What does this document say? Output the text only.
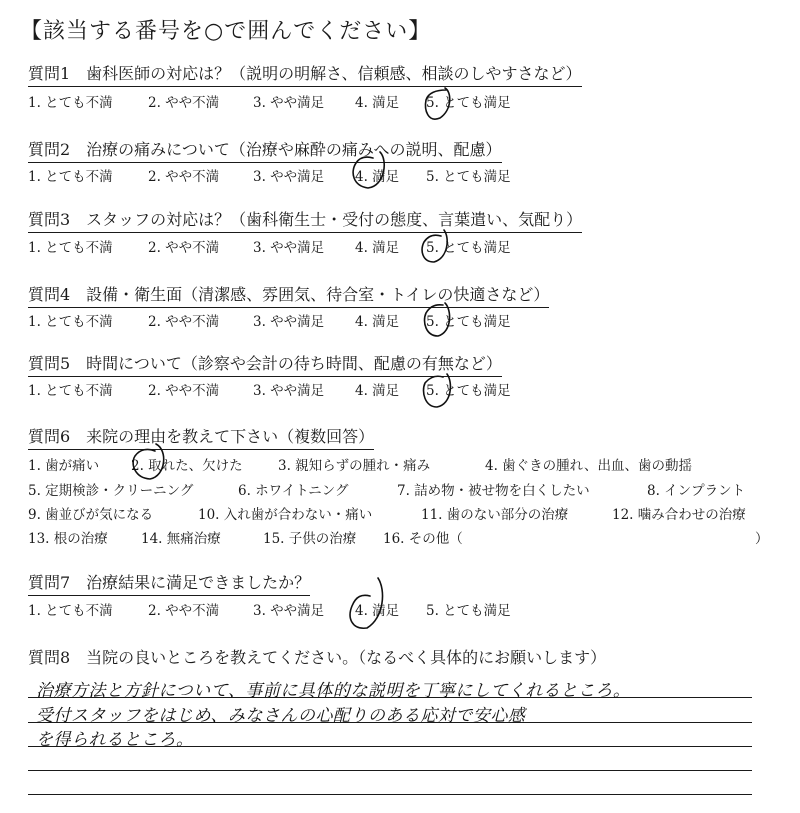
【該当する番号を○で囲んでください】
質問1　歯科医師の対応は？（説明の明解さ、信頼感、相談のしやすさなど）
1. とても不満	2. やや不満	3. やや満足 4. 満足 5. とても満足
質問2　治療の痛みについて（治療や麻酔の痛みへの説明、配慮）
1. とても不満	2. やや不満	3. やや満足 4. 満足 5. とても満足
質問3　スタッフの対応は？（歯科衛生士・受付の態度、言葉遣い、気配り）
1. とても不満	2. やや不満	3. やや満足 4. 満足 5. とても満足
質問4　設備・衛生面（清潔感、雰囲気、待合室・トイレの快適さなど）
1. とても不満	2. やや不満	3. やや満足 4. 満足 5. とても満足
質問5　時間について（診察や会計の待ち時間、配慮の有無など）
1. とても不満	2. やや不満	3. やや満足 4. 満足 5. とても満足
質問6　来院の理由を教えて下さい（複数回答）
1. 歯が痛い 2. 取れた、欠けた	3. 親知らずの腫れ・痛み	4. 歯ぐきの腫れ、出血、歯の動揺
5. 定期検診・クリーニング	6. ホワイトニング	7. 詰め物・被せ物を白くしたい	8. インプラント
9. 歯並びが気になる	10. 入れ歯が合わない・痛い	11. 歯のない部分の治療	12. 噛み合わせの治療
13. 根の治療 14. 無痛治療	15. 子供の治療 16. その他（	）
質問7　治療結果に満足できましたか？
1. とても不満	2. やや不満	3. やや満足 4. 満足 5. とても満足
質問8　当院の良いところを教えてください。（なるべく具体的にお願いします）
治療方法と方針について、事前に具体的な説明を丁寧にしてくれるところ。
受付スタッフをはじめ、みなさんの心配りのある応対で安心感
を得られるところ。
